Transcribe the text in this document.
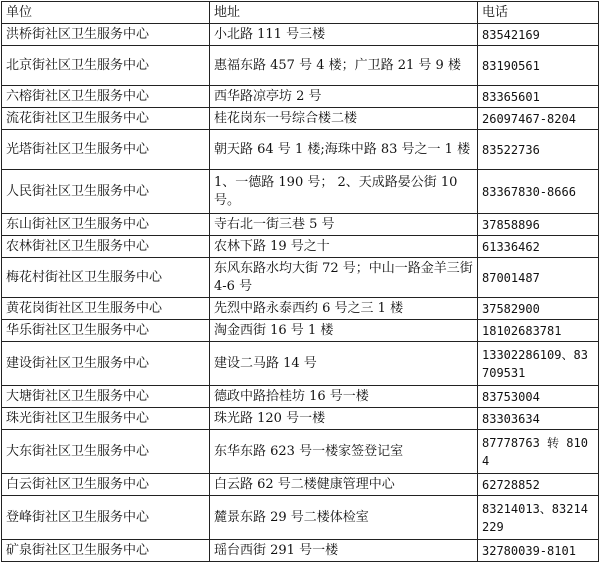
单位	地址	电话
洪桥街社区卫生服务中心	小北路 111 号三楼	83542169
北京街社区卫生服务中心	惠福东路 457 号 4 楼；广卫路 21 号 9 楼	83190561
六榕街社区卫生服务中心	西华路凉亭坊 2 号	83365601
流花街社区卫生服务中心	桂花岗东一号综合楼二楼	26097467-8204
光塔街社区卫生服务中心	朝天路 64 号 1 楼;海珠中路 83 号之一 1 楼	83522736
人民街社区卫生服务中心	1、一德路 190 号； 2、天成路晏公街 10 号。	83367830-8666
东山街社区卫生服务中心	寺右北一街三巷 5 号	37858896
农林街社区卫生服务中心	农林下路 19 号之十	61336462
梅花村街社区卫生服务中心	东风东路水均大街 72 号；中山一路金羊三街 4-6 号	87001487
黄花岗街社区卫生服务中心	先烈中路永泰西约 6 号之三 1 楼	37582900
华乐街社区卫生服务中心	淘金西街 16 号 1 楼	18102683781
建设街社区卫生服务中心	建设二马路 14 号	13302286109、83709531
大塘街社区卫生服务中心	德政中路拾桂坊 16 号一楼	83753004
珠光街社区卫生服务中心	珠光路 120 号一楼	83303634
大东街社区卫生服务中心	东华东路 623 号一楼家签登记室	87778763 转 8104
白云街社区卫生服务中心	白云路 62 号二楼健康管理中心	62728852
登峰街社区卫生服务中心	麓景东路 29 号二楼体检室	83214013、83214229
矿泉街社区卫生服务中心	瑶台西街 291 号一楼	32780039-8101
